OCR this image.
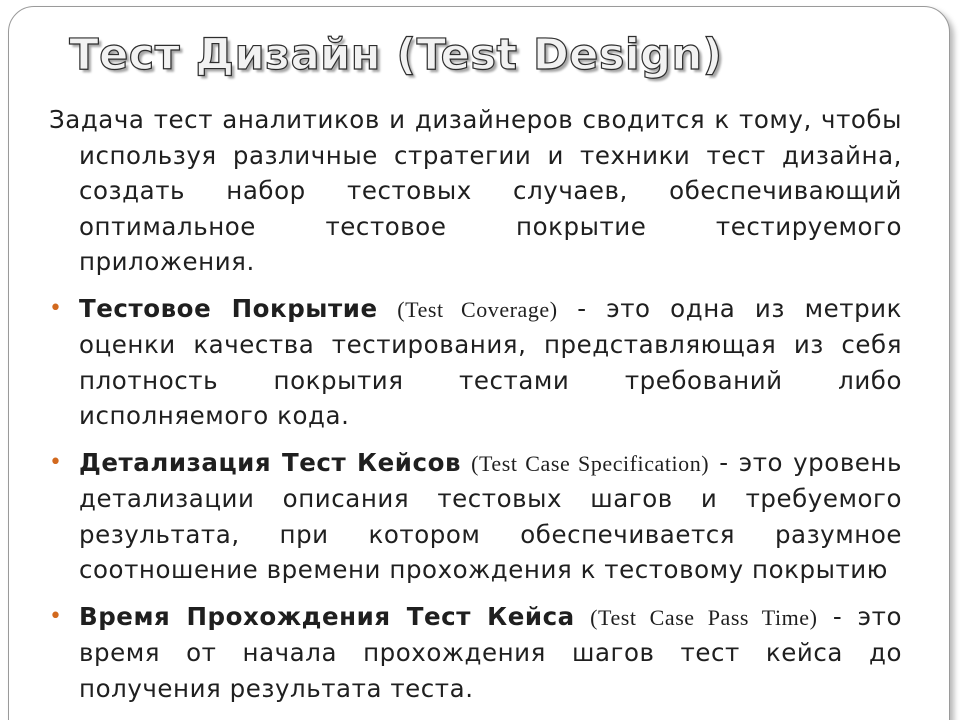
Тест Дизайн (Test Design)

Задача тест аналитиков и дизайнеров сводится к тому, чтобы используя различные стратегии и техники тест дизайна, создать набор тестовых случаев, обеспечивающий оптимальное тестовое покрытие тестируемого приложения.

• Тестовое Покрытие (Test Coverage) - это одна из метрик оценки качества тестирования, представляющая из себя плотность покрытия тестами требований либо исполняемого кода.
• Детализация Тест Кейсов (Test Case Specification) - это уровень детализации описания тестовых шагов и требуемого результата, при котором обеспечивается разумное соотношение времени прохождения к тестовому покрытию
• Время Прохождения Тест Кейса (Test Case Pass Time) - это время от начала прохождения шагов тест кейса до получения результата теста.
